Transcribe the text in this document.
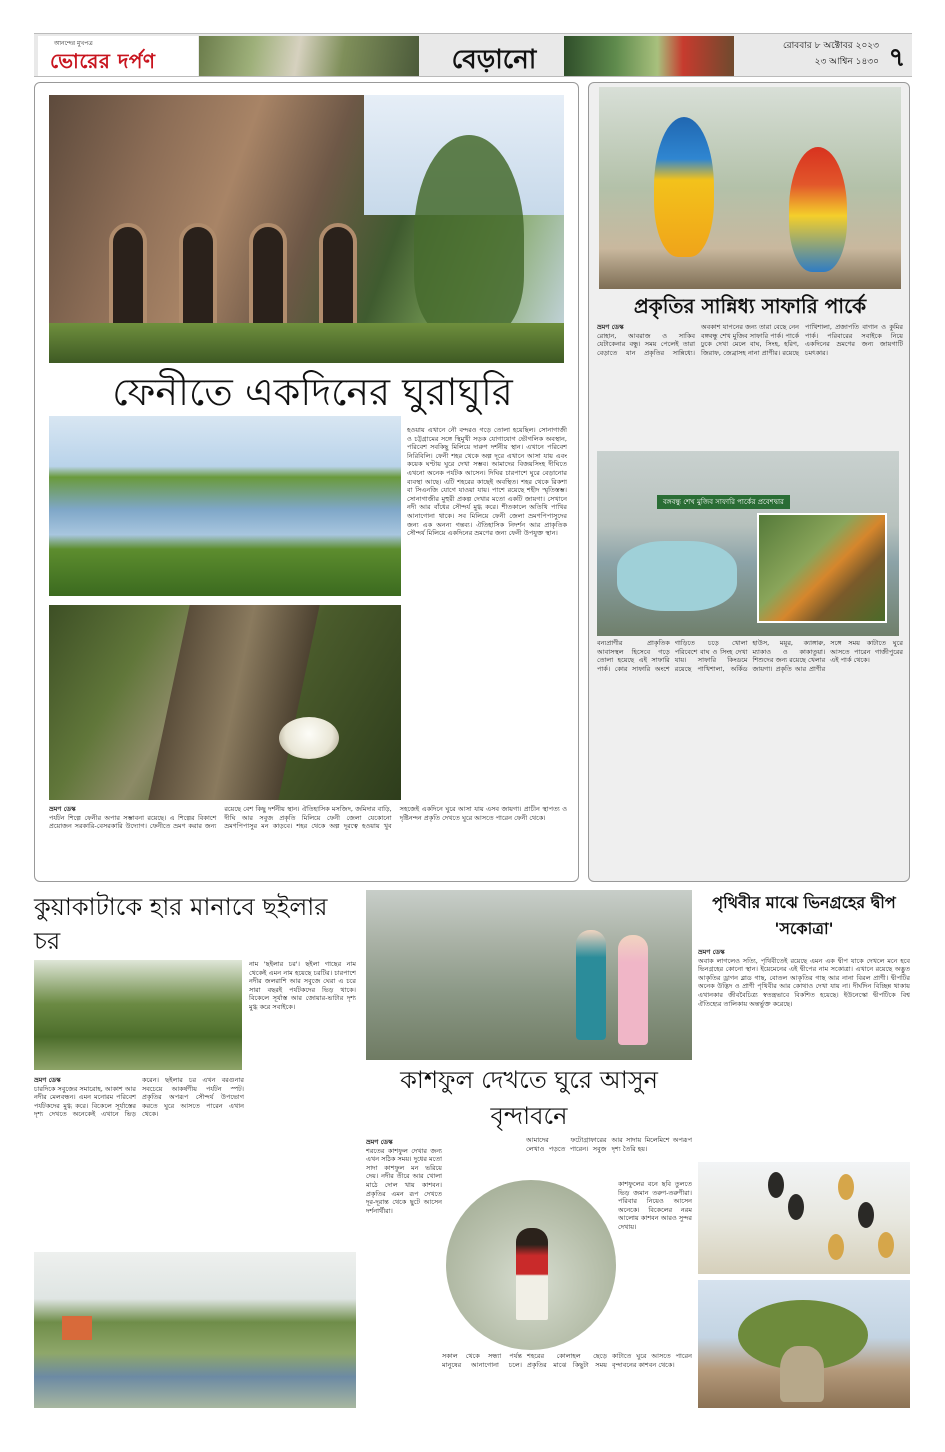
আনন্দের মুখপত্র
ভোরের দর্পণ	বেড়ানো	রোববার ৮ অক্টোবর ২০২৩
২৩ আশ্বিন ১৪৩০ ৭
ফেনীতে একদিনের ঘুরাঘুরি
হওয়ায় এখানে নৌ বন্দরও গড়ে তোলা হয়েছিল। সোনাগাজী ও চট্টগ্রামের সঙ্গে স্থিমুখী সড়ক যোগাযোগ ভৌগলিক অবস্থান, পরিবেশ সবকিছু মিলিয়ে দারুণ দর্শনীয় স্থান। এখানে পরিবেশ নিরিবিলি। ফেনী শহর থেকে অল্প দূরে এখানে আসা যায় এবং কয়েক ঘণ্টায় ঘুরে দেখা সম্ভব। আমাদের বিজয়সিংহ দীঘিতে এখনো অনেক পর্যটক আসেন। দিঘির চারপাশে ঘুরে বেড়ানোর ব্যবস্থা আছে। এটি শহরের কাছেই অবস্থিত। শহর থেকে রিকশা বা সিএনজি যোগে যাওয়া যায়। পাশে রয়েছে শহীদ স্মৃতিস্তম্ভ। সোনাগাজীর মুহুরী প্রকল্প দেখার মতো একটি জায়গা। সেখানে নদী আর বাঁধের সৌন্দর্য মুগ্ধ করে। শীতকালে অতিথি পাখির আনাগোনা থাকে। সব মিলিয়ে ফেনী জেলা ভ্রমণপিপাসুদের জন্য এক অনন্য গন্তব্য। ঐতিহাসিক নিদর্শন আর প্রাকৃতিক সৌন্দর্য মিলিয়ে একদিনের ভ্রমণের জন্য ফেনী উপযুক্ত স্থান।
ভ্রমণ ডেস্ক
পর্যটন শিল্পে ফেনীর অপার সম্ভাবনা রয়েছে। এ শিল্পের বিকাশে প্রয়োজন সরকারি-বেসরকারি উদ্যোগ। ফেনীতে ভ্রমণ করার জন্য রয়েছে বেশ কিছু দর্শনীয় স্থান। ঐতিহাসিক মসজিদ, জমিদার বাড়ি, দীঘি আর সবুজ প্রকৃতি মিলিয়ে ফেনী জেলা যেকোনো ভ্রমণপিপাসুর মন কাড়বে। শহর থেকে অল্প দূরত্বে হওয়ায় খুব সহজেই একদিনে ঘুরে আসা যায় এসব জায়গা। প্রাচীন স্থাপত্য ও দৃষ্টিনন্দন প্রকৃতি দেখতে ঘুরে আসতে পারেন ফেনী থেকে।
প্রকৃতির সান্নিধ্য সাফারি পার্কে
ভ্রমণ ডেস্ক
রোহান, আবরাজ ও সাকিব যেটাকেনার বন্ধু। সময় পেলেই তারা বেড়াতে যান প্রকৃতির সান্নিধ্যে। অবকাশ যাপনের জন্য তারা বেছে নেন বঙ্গবন্ধু শেখ মুজিব সাফারি পার্ক। পার্কে ঢুকে দেখা মেলে বাঘ, সিংহ, হরিণ, জিরাফ, জেব্রাসহ নানা প্রাণীর। রয়েছে পাখিশালা, প্রজাপতি বাগান ও কুমির পার্ক। পরিবারের সবাইকে নিয়ে একদিনের ভ্রমণের জন্য জায়গাটি চমৎকার।
বঙ্গবন্ধু শেখ মুজিব সাফারি পার্কের প্রবেশদ্বার
বন্যপ্রাণীর প্রাকৃতিক আবাসস্থল হিসেবে গড়ে তোলা হয়েছে এই সাফারি পার্ক। কোর সাফারি অংশে গাড়িতে চড়ে খোলা পরিবেশে বাঘ ও সিংহ দেখা যায়। সাফারি কিংডমে রয়েছে পাখিশালা, অর্কিড হাউস, ময়ূর, ক্যাঙ্গারু, ম্যাকাও ও কাকাতুয়া। শিশুদের জন্য রয়েছে খেলার জায়গা। প্রকৃতি আর প্রাণীর সঙ্গে সময় কাটাতে ঘুরে আসতে পারেন গাজীপুরের এই পার্ক থেকে।
কুয়াকাটাকে হার মানাবে ছইলার চর
নাম 'ছইলার চর'। ছইলা গাছের নাম থেকেই এমন নাম হয়েছে চরটির। চারপাশে নদীর জলরাশি আর সবুজে ঘেরা এ চরে সারা বছরই পর্যটকদের ভিড় থাকে। বিকেলে সূর্যাস্ত আর জোয়ার-ভাটার দৃশ্য মুগ্ধ করে সবাইকে।
ভ্রমণ ডেস্ক
চারদিকে সবুজের সমারোহ, আকাশ আর নদীর মেলবন্ধন। এমন মনোরম পরিবেশ পর্যটকদের মুগ্ধ করে। বিকেলে সূর্যাস্তের দৃশ্য দেখতে অনেকেই এখানে ভিড় করেন। ছইলার চর এখন বরগুনার সবচেয়ে আকর্ষণীয় পর্যটন স্পট। প্রকৃতির অপরূপ সৌন্দর্য উপভোগ করতে ঘুরে আসতে পারেন এখান থেকে।
কাশফুল দেখতে ঘুরে আসুন বৃন্দাবনে
ভ্রমণ ডেস্ক
শরতের কাশফুল দেখার জন্য এখন সঠিক সময়। দুধের মতো সাদা কাশফুল মন ভরিয়ে দেয়। নদীর তীরে আর খোলা মাঠে দোল খায় কাশবন। প্রকৃতির এমন রূপ দেখতে দূর-দূরান্ত থেকে ছুটে আসেন দর্শনার্থীরা।
আমাদের ফটোগ্রাফারের লেখাও পড়তে পারেন। সবুজ আর সাদায় মিলেমিশে অপরূপ দৃশ্য তৈরি হয়।
কাশফুলের বনে ছবি তুলতে ভিড় জমান তরুণ-তরুণীরা। পরিবার নিয়েও আসেন অনেকে। বিকেলের নরম আলোয় কাশবন আরও সুন্দর দেখায়।
সকাল থেকে সন্ধ্যা পর্যন্ত মানুষের আনাগোনা চলে। শহরের কোলাহল ছেড়ে প্রকৃতির মাঝে কিছুটা সময় কাটাতে ঘুরে আসতে পারেন বৃন্দাবনের কাশবন থেকে।
পৃথিবীর মাঝে ভিনগ্রহের দ্বীপ 'সকোত্রা'
ভ্রমণ ডেস্ক
অবাক লাগলেও সত্যি, পৃথিবীতেই রয়েছে এমন এক দ্বীপ যাকে দেখলে মনে হবে ভিনগ্রহের কোনো স্থান। ইয়েমেনের এই দ্বীপের নাম সকোত্রা। এখানে রয়েছে অদ্ভুত আকৃতির ড্রাগন ব্লাড গাছ, বোতল আকৃতির গাছ আর নানা বিরল প্রাণী। দ্বীপটির অনেক উদ্ভিদ ও প্রাণী পৃথিবীর আর কোথাও দেখা যায় না। দীর্ঘদিন বিচ্ছিন্ন থাকায় এখানকার জীববৈচিত্র্য স্বতন্ত্রভাবে বিকশিত হয়েছে। ইউনেস্কো দ্বীপটিকে বিশ্ব ঐতিহ্যের তালিকায় অন্তর্ভুক্ত করেছে।
